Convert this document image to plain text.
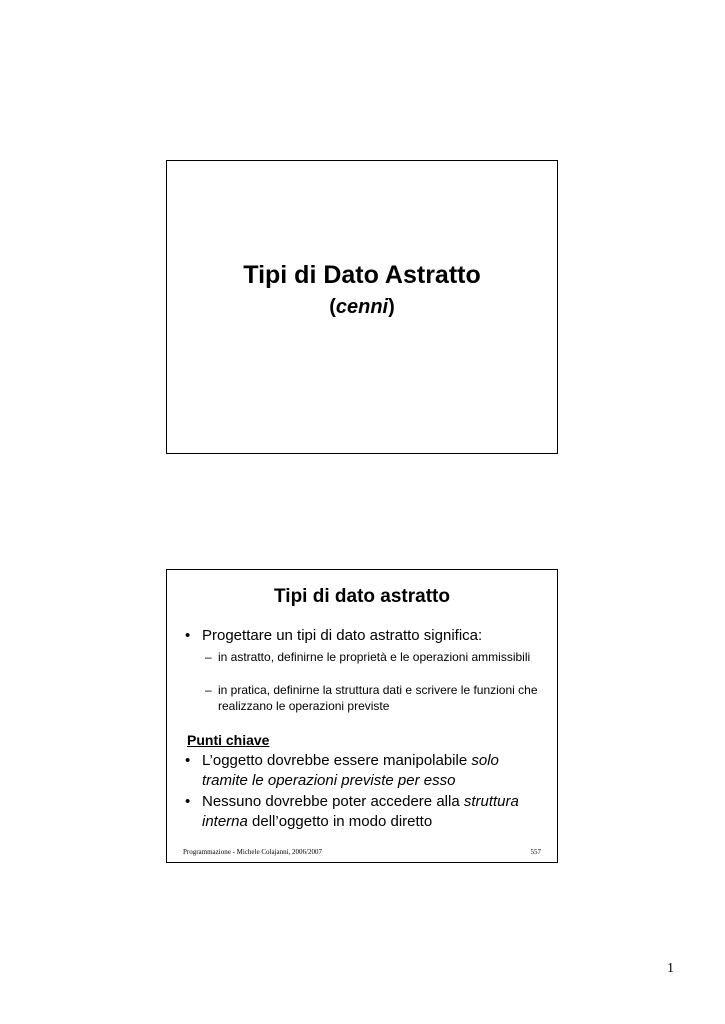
Tipi di Dato Astratto
(cenni)
Tipi di dato astratto
• Progettare un tipi di dato astratto significa:
– in astratto, definirne le proprietà e le operazioni ammissibili
– in pratica, definirne la struttura dati e scrivere le funzioni che realizzano le operazioni previste
Punti chiave
• L’oggetto dovrebbe essere manipolabile solo tramite le operazioni previste per esso
• Nessuno dovrebbe poter accedere alla struttura interna dell’oggetto in modo diretto
Programmazione - Michele Colajanni, 2006/2007	557
1
